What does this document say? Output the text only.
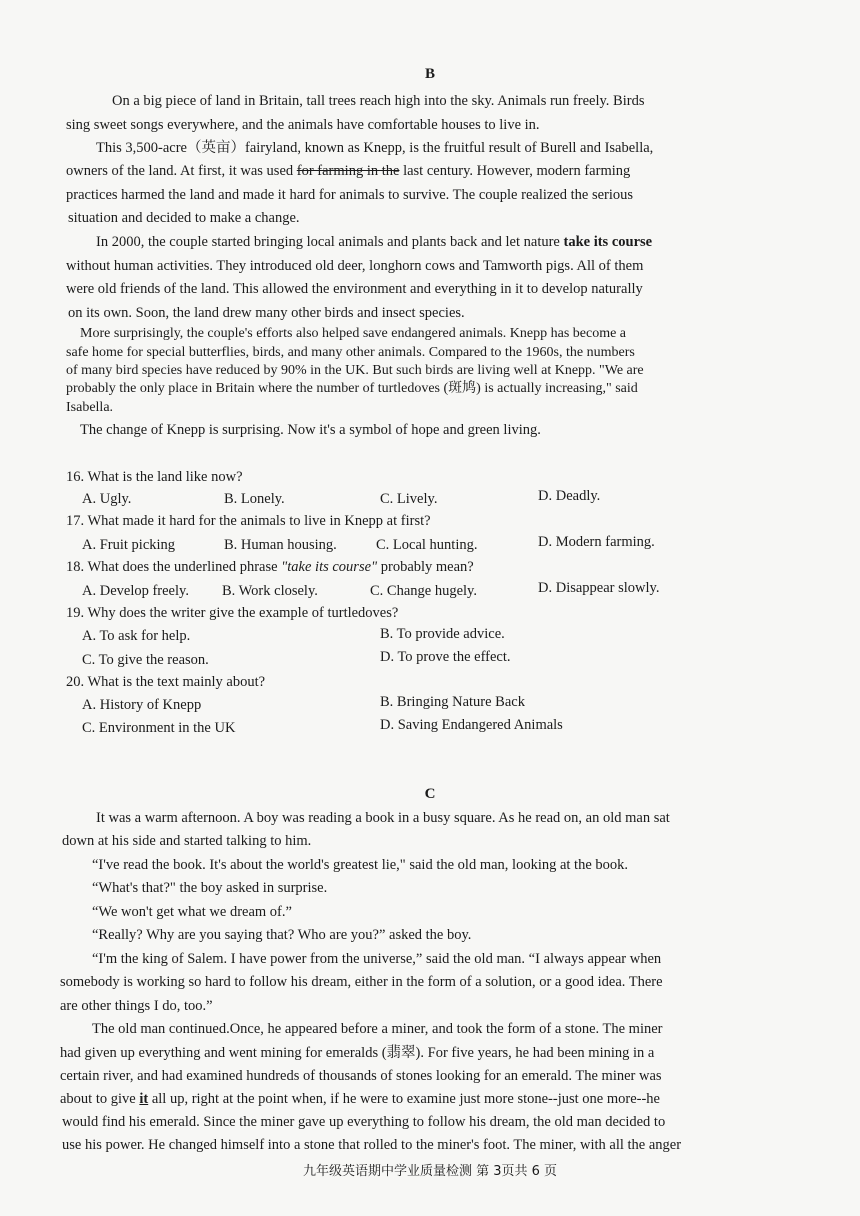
B
On a big piece of land in Britain, tall trees reach high into the sky. Animals run freely. Birds
sing sweet songs everywhere, and the animals have comfortable houses to live in.
This 3,500-acre（英亩）fairyland, known as Knepp, is the fruitful result of Burell and Isabella,
owners of the land. At first, it was used for farming in the last century. However, modern farming
practices harmed the land and made it hard for animals to survive. The couple realized the serious
situation and decided to make a change.
In 2000, the couple started bringing local animals and plants back and let nature take its course
without human activities. They introduced old deer, longhorn cows and Tamworth pigs. All of them
were old friends of the land. This allowed the environment and everything in it to develop naturally
on its own. Soon, the land drew many other birds and insect species.
More surprisingly, the couple's efforts also helped save endangered animals. Knepp has become a
safe home for special butterflies, birds, and many other animals. Compared to the 1960s, the numbers
of many bird species have reduced by 90% in the UK. But such birds are living well at Knepp. "We are
probably the only place in Britain where the number of turtledoves (斑鸠) is actually increasing," said
Isabella.
The change of Knepp is surprising. Now it's a symbol of hope and green living.
16. What is the land like now?
A. Ugly.	B. Lonely.	C. Lively.	D. Deadly.
17. What made it hard for the animals to live in Knepp at first?
A. Fruit picking	B. Human housing.	C. Local hunting.	D. Modern farming.
18. What does the underlined phrase "take its course" probably mean?
A. Develop freely. B. Work closely.	C. Change hugely.	D. Disappear slowly.
19. Why does the writer give the example of turtledoves?
A. To ask for help.	B. To provide advice.
C. To give the reason.	D. To prove the effect.
20. What is the text mainly about?
A. History of Knepp	B. Bringing Nature Back
C. Environment in the UK	D. Saving Endangered Animals
C
It was a warm afternoon. A boy was reading a book in a busy square. As he read on, an old man sat
down at his side and started talking to him.
“I've read the book. It's about the world's greatest lie," said the old man, looking at the book.
“What's that?" the boy asked in surprise.
“We won't get what we dream of.”
“Really? Why are you saying that? Who are you?” asked the boy.
“I'm the king of Salem. I have power from the universe,” said the old man. “I always appear when
somebody is working so hard to follow his dream, either in the form of a solution, or a good idea. There
are other things I do, too.”
The old man continued.Once, he appeared before a miner, and took the form of a stone. The miner
had given up everything and went mining for emeralds (翡翠). For five years, he had been mining in a
certain river, and had examined hundreds of thousands of stones looking for an emerald. The miner was
about to give it all up, right at the point when, if he were to examine just more stone--just one more--he
would find his emerald. Since the miner gave up everything to follow his dream, the old man decided to
use his power. He changed himself into a stone that rolled to the miner's foot. The miner, with all the anger
九年级英语期中学业质量检测 第 3页共 6 页
